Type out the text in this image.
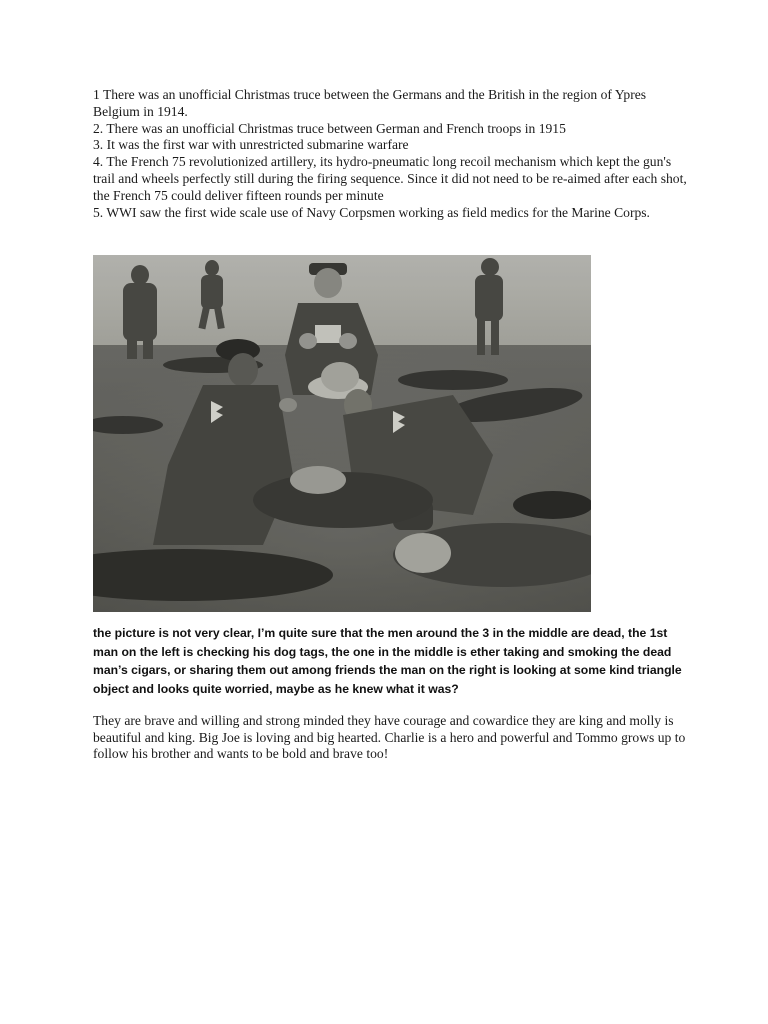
1 There was an unofficial Christmas truce between the Germans and the British in the region of Ypres Belgium in 1914.

2. There was an unofficial Christmas truce between German and French troops in 1915

3. It was the first war with unrestricted submarine warfare

4. The French 75 revolutionized artillery, its hydro-pneumatic long recoil mechanism which kept the gun's trail and wheels perfectly still during the firing sequence. Since it did not need to be re-aimed after each shot, the French 75 could deliver fifteen rounds per minute

5. WWI saw the first wide scale use of Navy Corpsmen working as field medics for the Marine Corps.

the picture is not very clear, I’m quite sure that the men around the 3 in the middle are dead, the 1st man on the left is checking his dog tags, the one in the middle is ether taking and smoking the dead man’s cigars, or sharing them out among friends the man on the right is looking at some kind triangle object and looks quite worried, maybe as he knew what it was?

They are brave and willing and strong minded they have courage and cowardice they are king and molly is beautiful and king. Big Joe is loving and big hearted. Charlie is a hero and powerful and Tommo grows up to follow his brother and wants to be bold and brave too!
